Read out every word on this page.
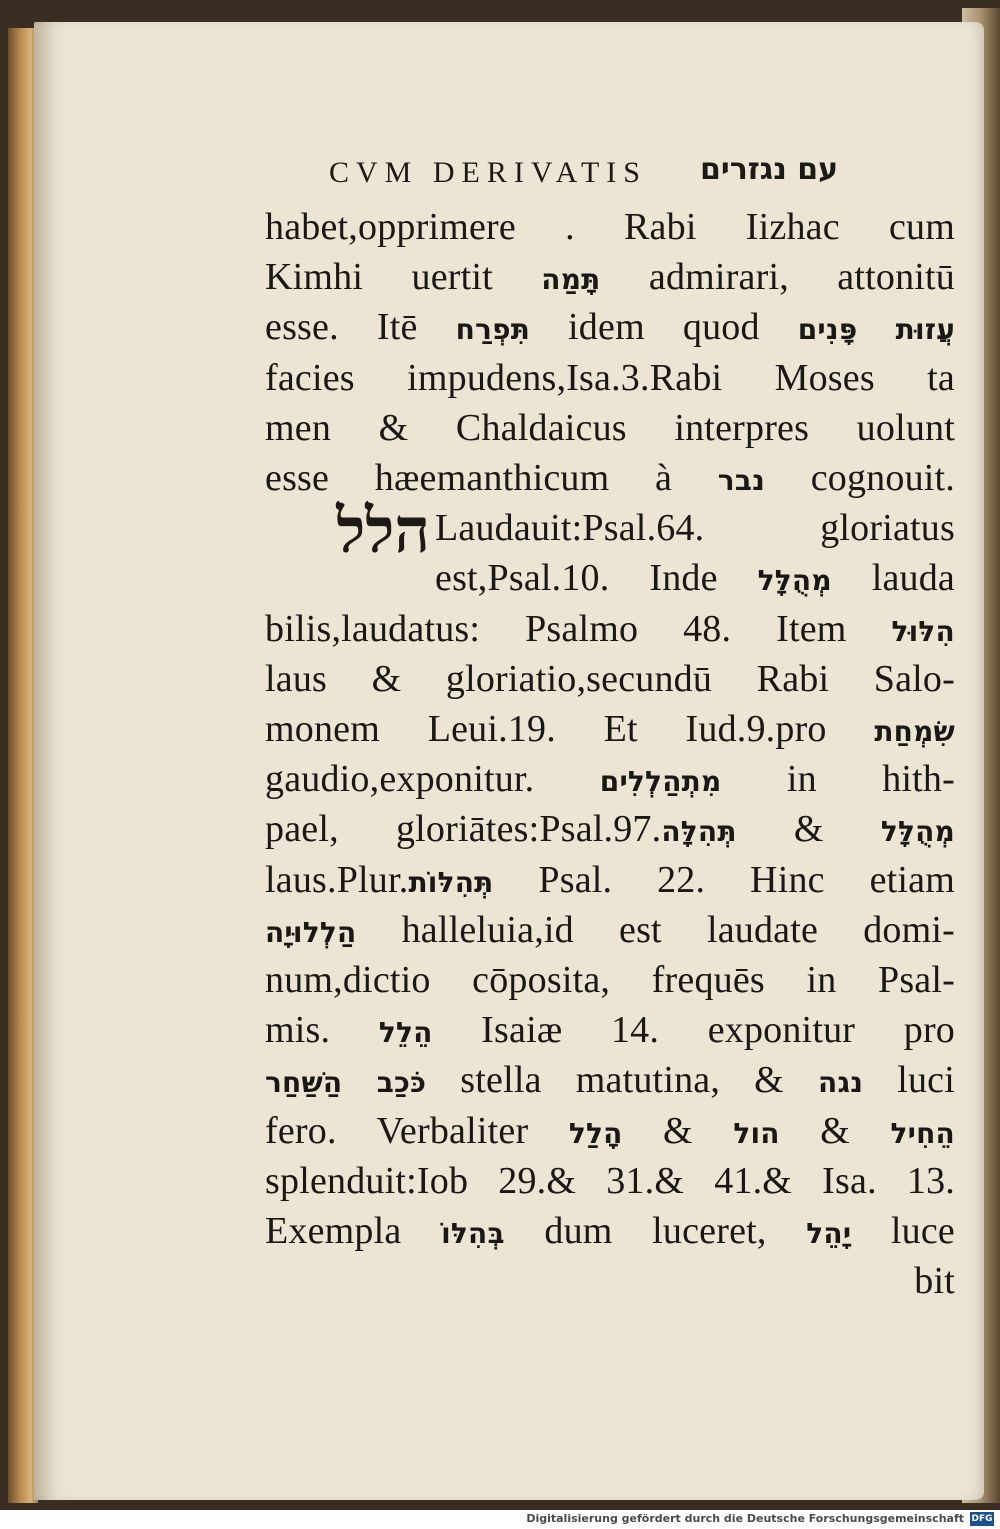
CVM DERIVATIS עם נגזרים
הלל
habet,opprimere . Rabi Iizhac cum
Kimhi uertit תָּמַה admirari, attonitū
esse. Itē תִּפְרַח idem quod עֲזוּת פָּנִים
facies impudens,Isa.3.Rabi Moses ta
men & Chaldaicus interpres uolunt
esse hæemanthicum à נבר cognouit.
Laudauit:Psal.64. gloriatus
est,Psal.10. Inde מְהֻלָּל lauda
bilis,laudatus: Psalmo 48. Item הִלּוּל
laus & gloriatio,secundū Rabi Salo-
monem Leui.19. Et Iud.9.pro שִׂמְחַת
gaudio,exponitur. מִתְהַלְלִים in hith-
pael, gloriātes:Psal.97.תְּהִלָּה & מְהֻלָּל
laus.Plur.תְּהִלּוֹת Psal. 22. Hinc etiam
הַלְלוּיָה halleluia,id est laudate domi-
num,dictio cōposita, frequēs in Psal-
mis. הֵלֵל Isaiæ 14. exponitur pro
כֹּכַב הַשַּׁחַר stella matutina, & נגה luci
fero. Verbaliter הָלַל & הול & הֵחִיל
splenduit:Iob 29.& 31.& 41.& Isa. 13.
Exempla בְּהִלּוֹ dum luceret, יָהֵל luce
bit
Digitalisierung gefördert durch die Deutsche Forschungsgemeinschaft DFG
